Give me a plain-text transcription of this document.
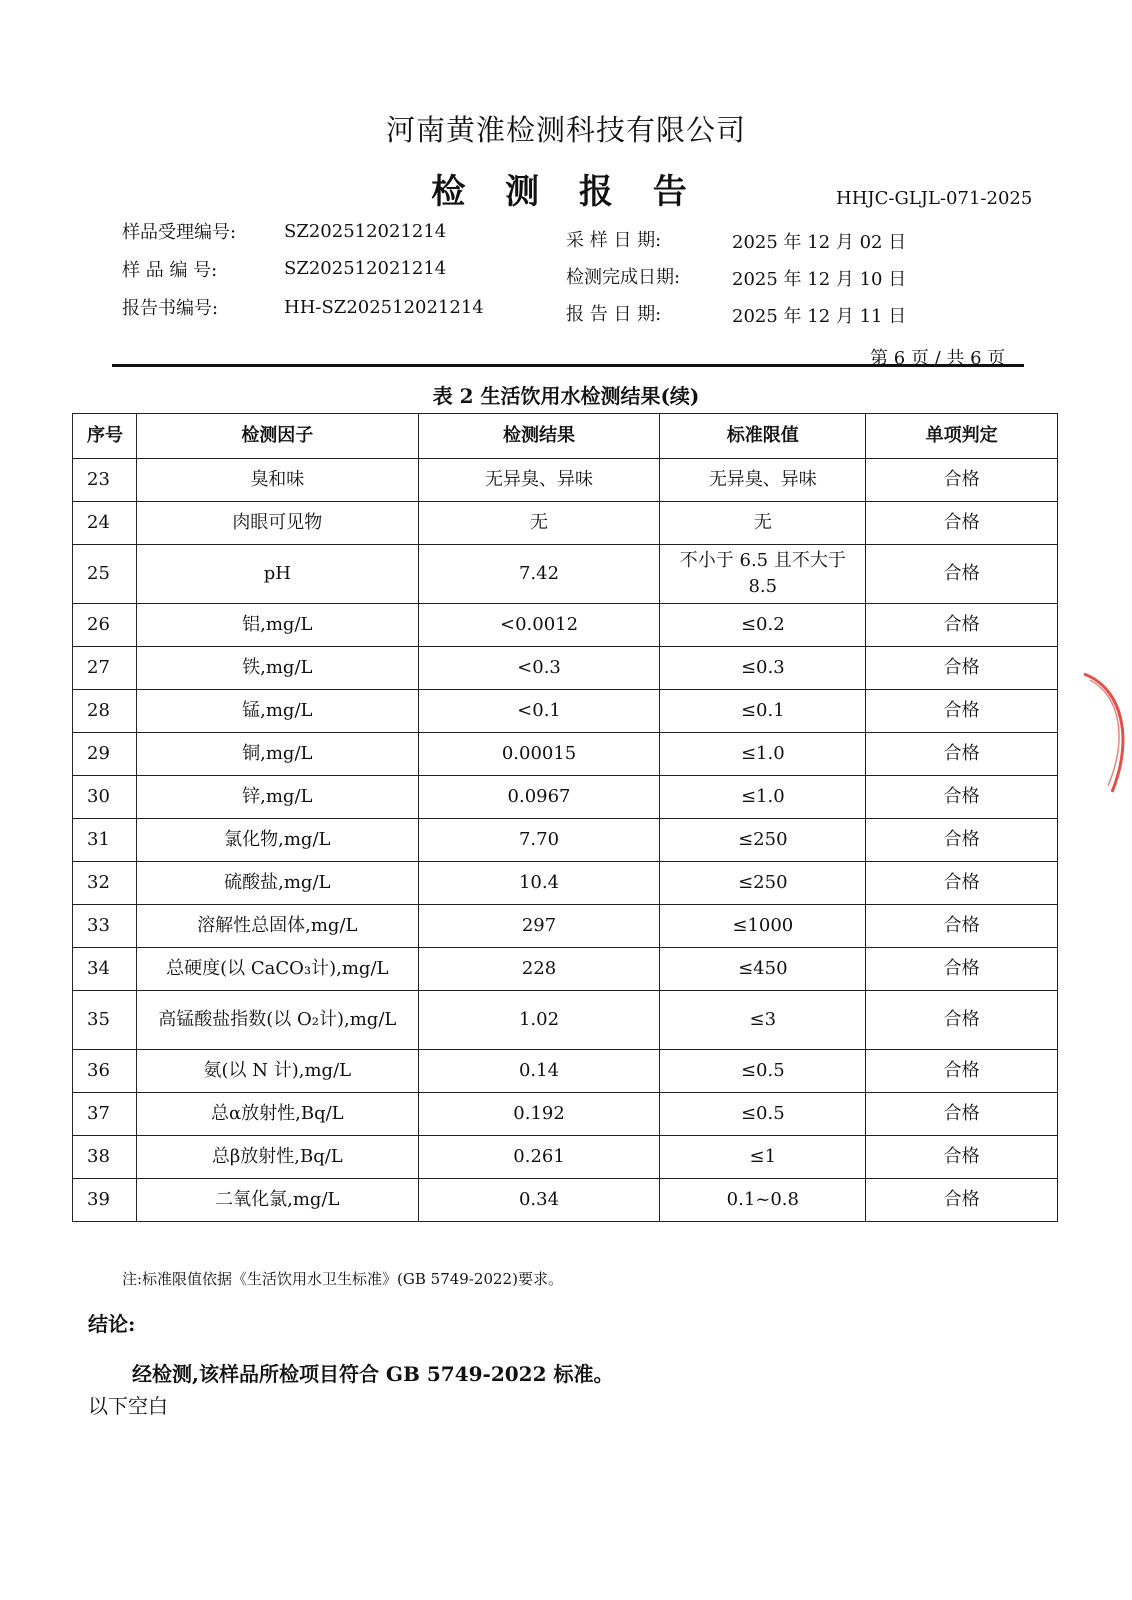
河南黄淮检测科技有限公司
检 测 报 告	HHJC-GLJL-071-2025
样品受理编号:	SZ202512021214
样 品 编 号:	SZ202512021214
报告书编号:	HH-SZ202512021214
采 样 日 期:	2025 年 12 月 02 日
检测完成日期:	2025 年 12 月 10 日
报 告 日 期:	2025 年 12 月 11 日
第 6 页 / 共 6 页
表 2 生活饮用水检测结果(续)
序号	检测因子	检测结果	标准限值	单项判定
23	臭和味	无异臭、异味	无异臭、异味	合格
24	肉眼可见物	无	无	合格
25	pH	7.42	不小于 6.5 且不大于 8.5	合格
26	铝,mg/L	<0.0012	≤0.2	合格
27	铁,mg/L	<0.3	≤0.3	合格
28	锰,mg/L	<0.1	≤0.1	合格
29	铜,mg/L	0.00015	≤1.0	合格
30	锌,mg/L	0.0967	≤1.0	合格
31	氯化物,mg/L	7.70	≤250	合格
32	硫酸盐,mg/L	10.4	≤250	合格
33	溶解性总固体,mg/L	297	≤1000	合格
34	总硬度(以 CaCO₃计),mg/L	228	≤450	合格
35	高锰酸盐指数(以 O₂计),mg/L	1.02	≤3	合格
36	氨(以 N 计),mg/L	0.14	≤0.5	合格
37	总α放射性,Bq/L	0.192	≤0.5	合格
38	总β放射性,Bq/L	0.261	≤1	合格
39	二氧化氯,mg/L	0.34	0.1~0.8	合格
注:标准限值依据《生活饮用水卫生标准》(GB 5749-2022)要求。
结论:
经检测,该样品所检项目符合 GB 5749-2022 标准。
以下空白
